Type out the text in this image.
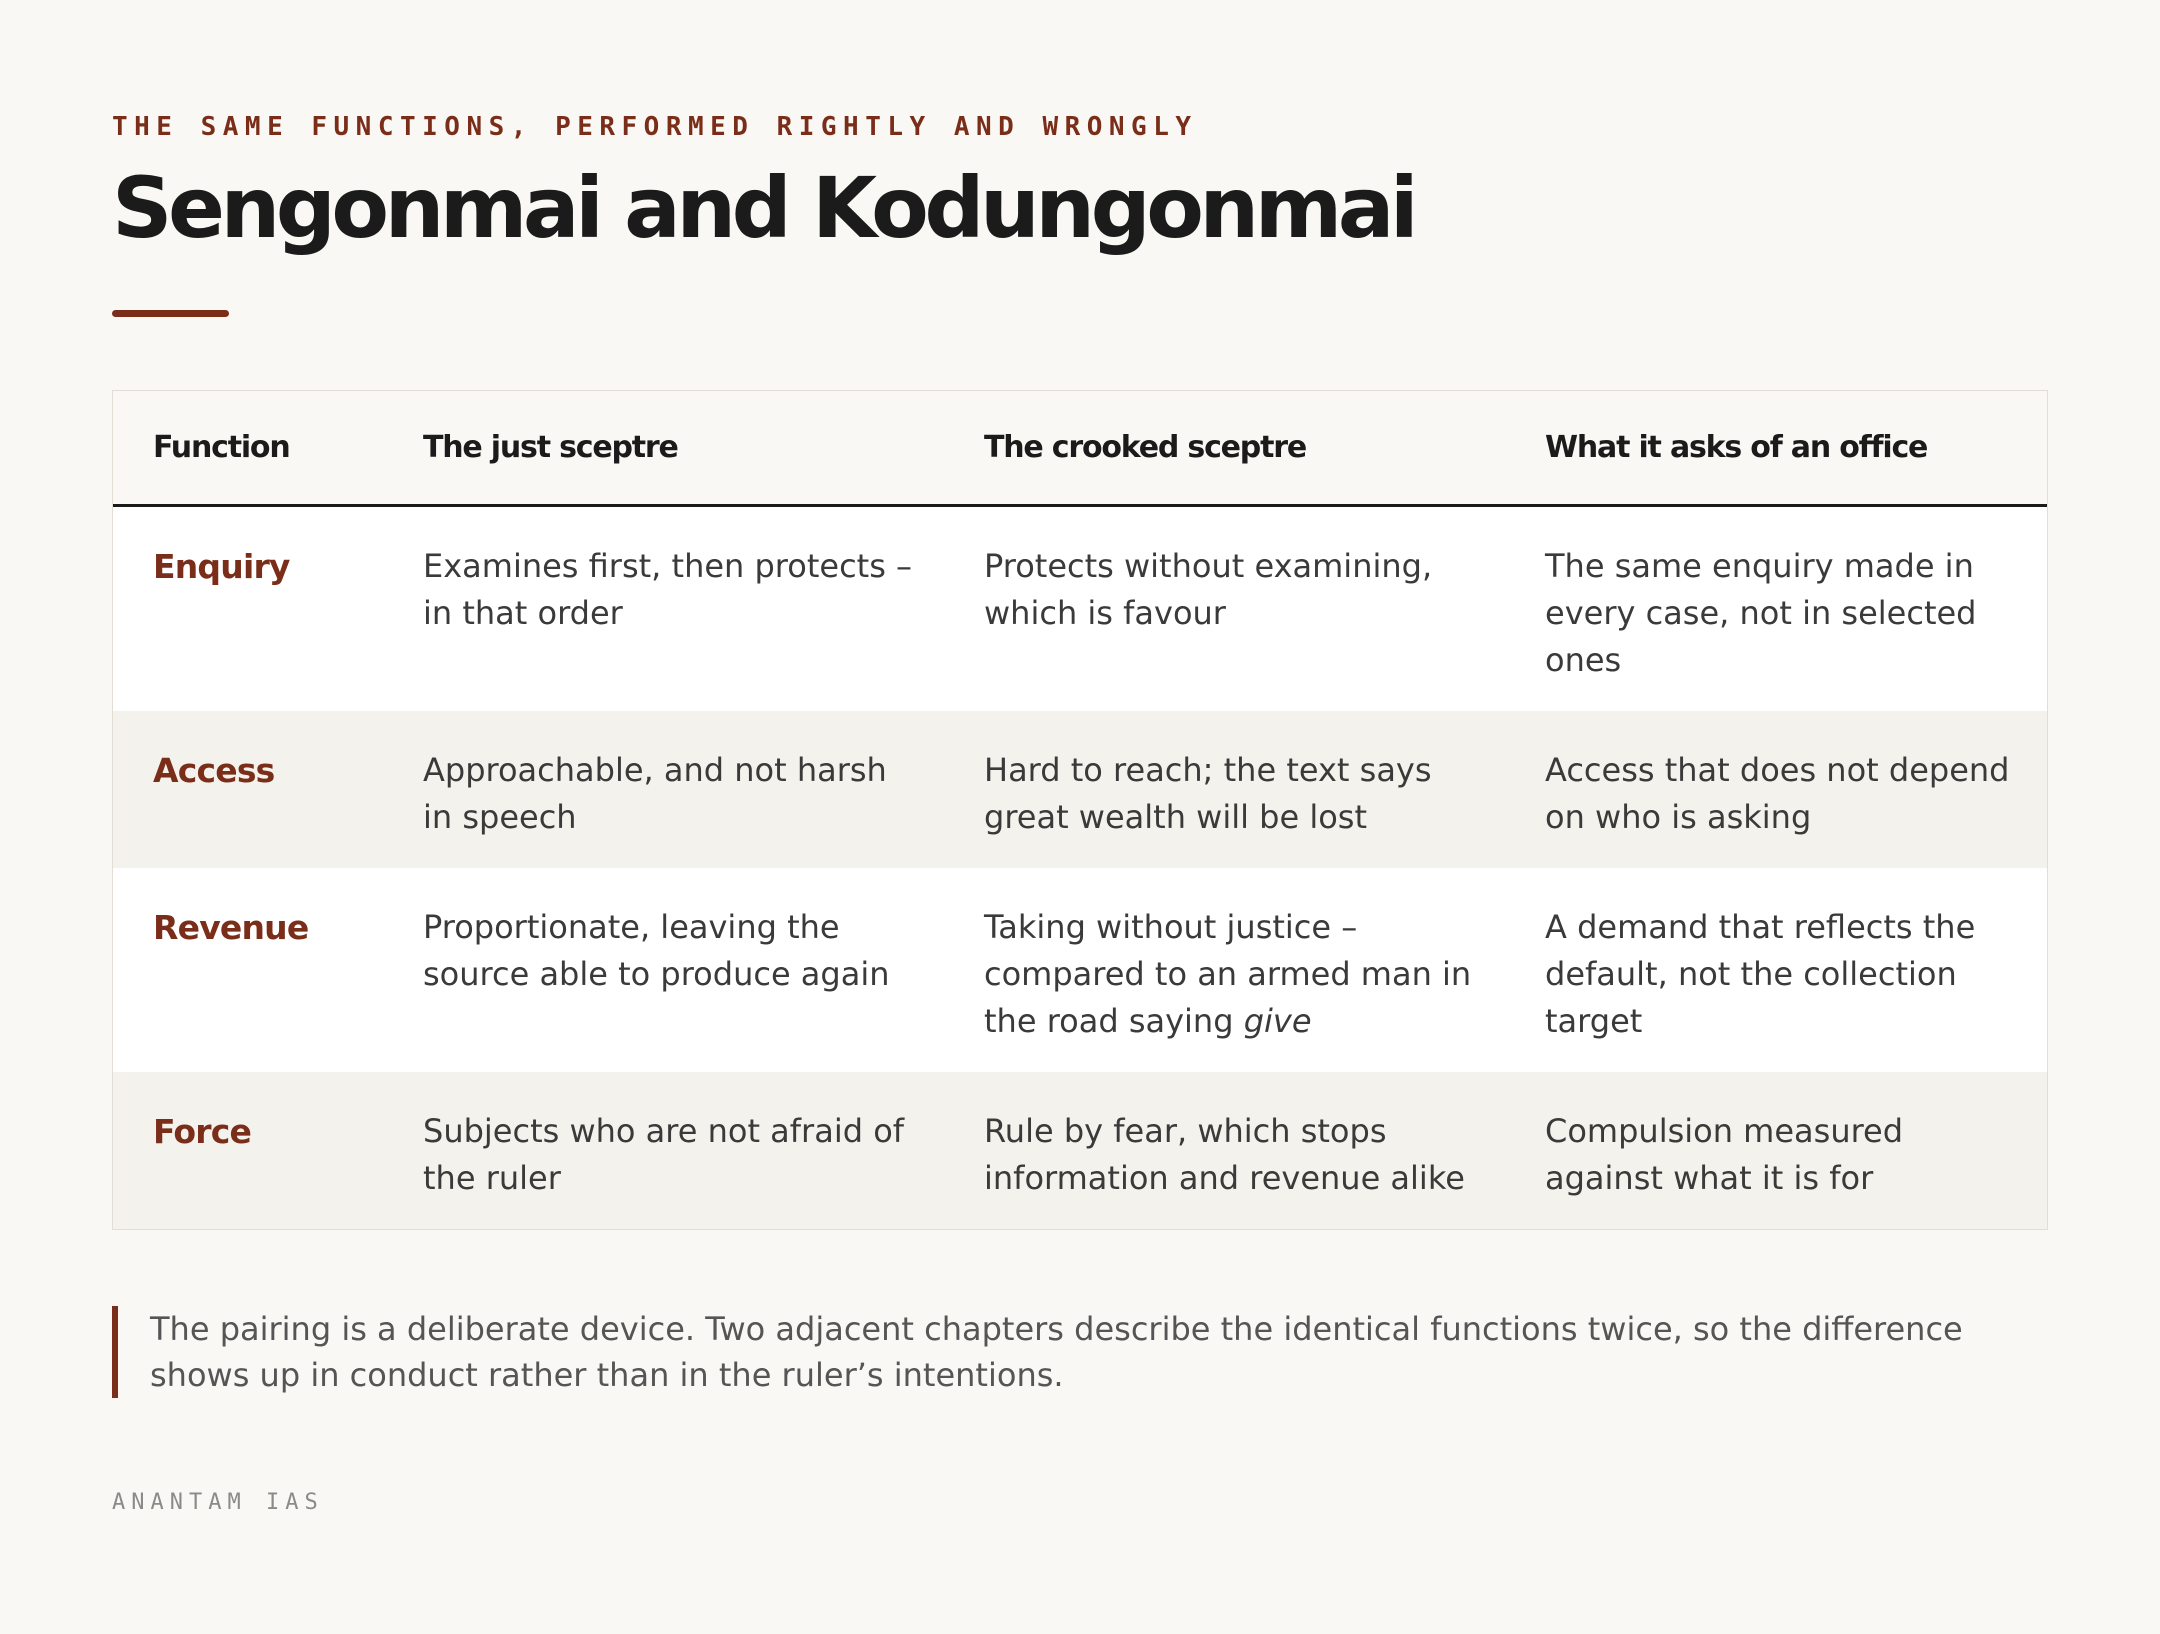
THE SAME FUNCTIONS, PERFORMED RIGHTLY AND WRONGLY
Sengonmai and Kodungonmai
Function	The just sceptre	The crooked sceptre	What it asks of an office
Enquiry	Examines first, then protects – in that order	Protects without examining, which is favour	The same enquiry made in every case, not in selected ones
Access	Approachable, and not harsh in speech	Hard to reach; the text says great wealth will be lost	Access that does not depend on who is asking
Revenue	Proportionate, leaving the source able to produce again	Taking without justice – compared to an armed man in the road saying give	A demand that reflects the default, not the collection target
Force	Subjects who are not afraid of the ruler	Rule by fear, which stops information and revenue alike	Compulsion measured against what it is for
The pairing is a deliberate device. Two adjacent chapters describe the identical functions twice, so the difference shows up in conduct rather than in the ruler’s intentions.
ANANTAM IAS
